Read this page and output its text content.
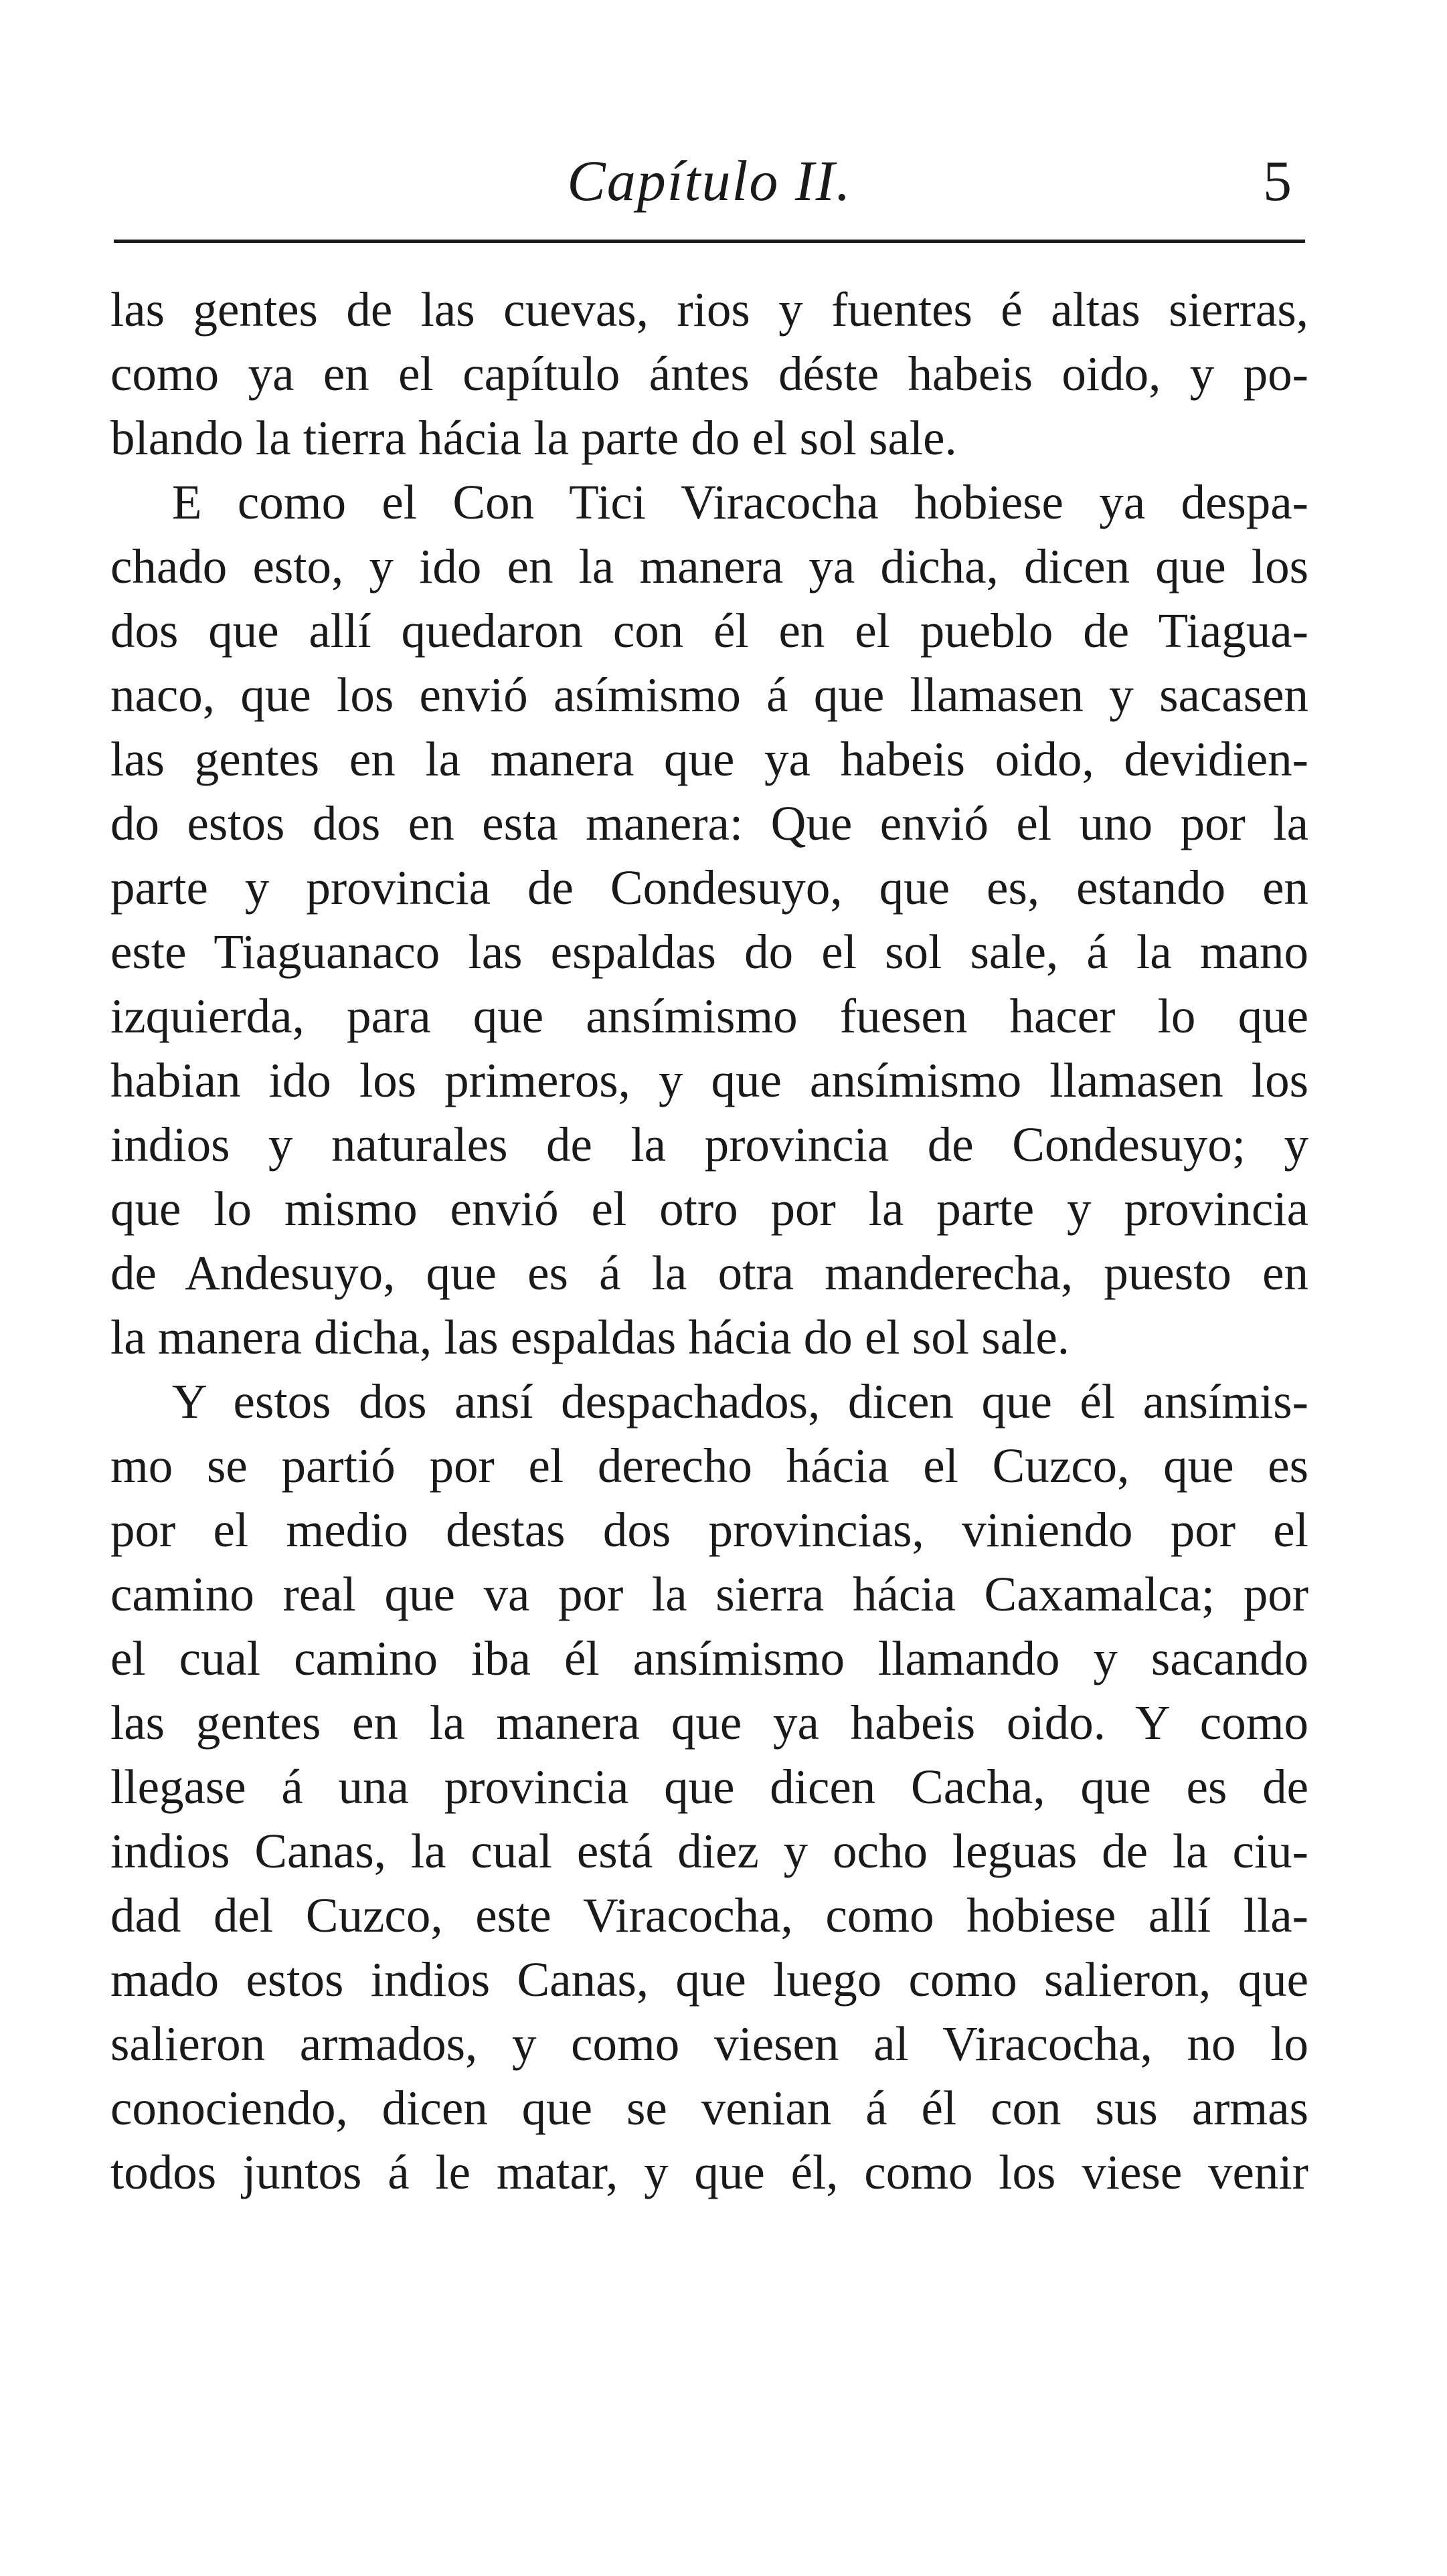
Capítulo II.	5
las gentes de las cuevas, rios y fuentes é altas sierras,
como ya en el capítulo ántes déste habeis oido, y po-
blando la tierra hácia la parte do el sol sale.
E como el Con Tici Viracocha hobiese ya despa-
chado esto, y ido en la manera ya dicha, dicen que los
dos que allí quedaron con él en el pueblo de Tiagua-
naco, que los envió asímismo á que llamasen y sacasen
las gentes en la manera que ya habeis oido, devidien-
do estos dos en esta manera: Que envió el uno por la
parte y provincia de Condesuyo, que es, estando en
este Tiaguanaco las espaldas do el sol sale, á la mano
izquierda, para que ansímismo fuesen hacer lo que
habian ido los primeros, y que ansímismo llamasen los
indios y naturales de la provincia de Condesuyo; y
que lo mismo envió el otro por la parte y provincia
de Andesuyo, que es á la otra manderecha, puesto en
la manera dicha, las espaldas hácia do el sol sale.
Y estos dos ansí despachados, dicen que él ansímis-
mo se partió por el derecho hácia el Cuzco, que es
por el medio destas dos provincias, viniendo por el
camino real que va por la sierra hácia Caxamalca; por
el cual camino iba él ansímismo llamando y sacando
las gentes en la manera que ya habeis oido. Y como
llegase á una provincia que dicen Cacha, que es de
indios Canas, la cual está diez y ocho leguas de la ciu-
dad del Cuzco, este Viracocha, como hobiese allí lla-
mado estos indios Canas, que luego como salieron, que
salieron armados, y como viesen al Viracocha, no lo
conociendo, dicen que se venian á él con sus armas
todos juntos á le matar, y que él, como los viese venir
